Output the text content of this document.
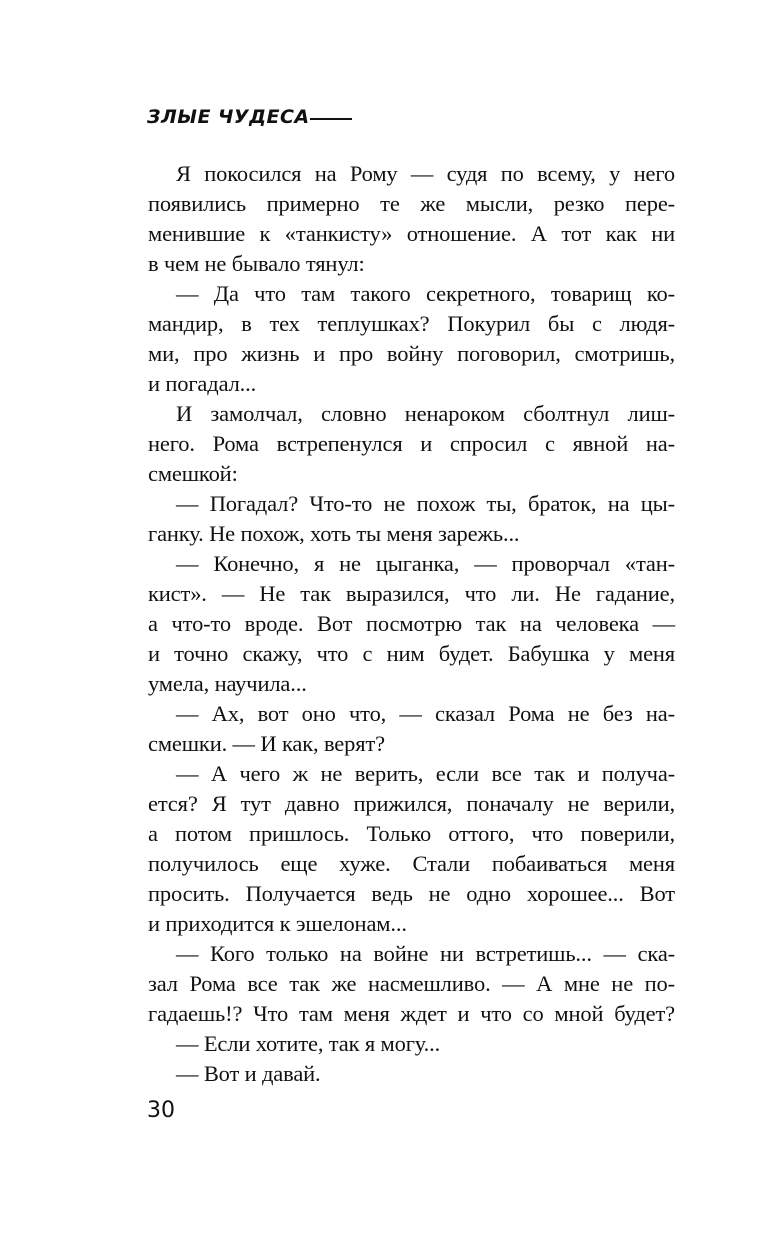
ЗЛЫЕ ЧУДЕСА
Я покосился на Рому — судя по всему, у него
появились примерно те же мысли, резко пере-
менившие к «танкисту» отношение. А тот как ни
в чем не бывало тянул:
— Да что там такого секретного, товарищ ко-
мандир, в тех теплушках? Покурил бы с людя-
ми, про жизнь и про войну поговорил, смотришь,
и погадал...
И замолчал, словно ненароком сболтнул лиш-
него. Рома встрепенулся и спросил с явной на-
смешкой:
— Погадал? Что-то не похож ты, браток, на цы-
ганку. Не похож, хоть ты меня зарежь...
— Конечно, я не цыганка, — проворчал «тан-
кист». — Не так выразился, что ли. Не гадание,
а что-то вроде. Вот посмотрю так на человека —
и точно скажу, что с ним будет. Бабушка у меня
умела, научила...
— Ах, вот оно что, — сказал Рома не без на-
смешки. — И как, верят?
— А чего ж не верить, если все так и получа-
ется? Я тут давно прижился, поначалу не верили,
а потом пришлось. Только оттого, что поверили,
получилось еще хуже. Стали побаиваться меня
просить. Получается ведь не одно хорошее... Вот
и приходится к эшелонам...
— Кого только на войне ни встретишь... — ска-
зал Рома все так же насмешливо. — А мне не по-
гадаешь!? Что там меня ждет и что со мной будет?
— Если хотите, так я могу...
— Вот и давай.
30
